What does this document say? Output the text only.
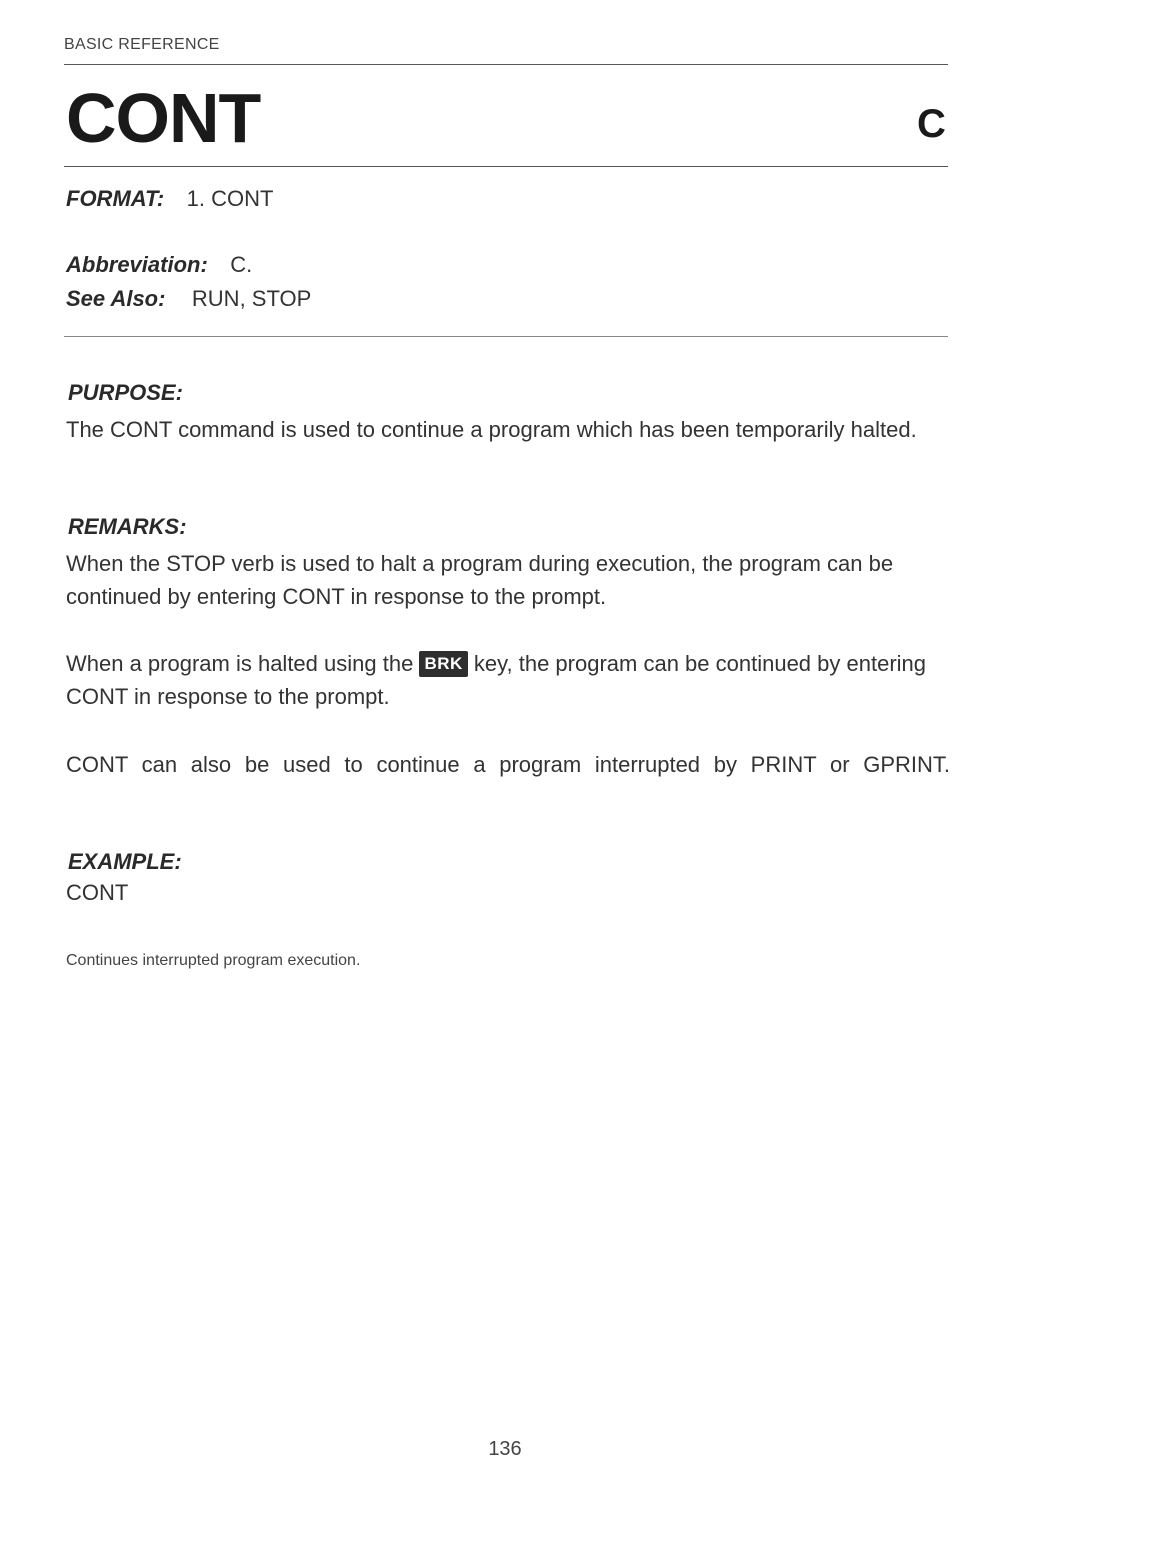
BASIC REFERENCE
CONT	C
FORMAT: 1. CONT
Abbreviation: C.
See Also: RUN, STOP
PURPOSE:
The CONT command is used to continue a program which has been temporarily halted.
REMARKS:
When the STOP verb is used to halt a program during execution, the program can be continued by entering CONT in response to the prompt.
When a program is halted using the BRK key, the program can be continued by entering CONT in response to the prompt.
CONT can also be used to continue a program interrupted by PRINT or GPRINT.
EXAMPLE:
CONT
Continues interrupted program execution.
136
